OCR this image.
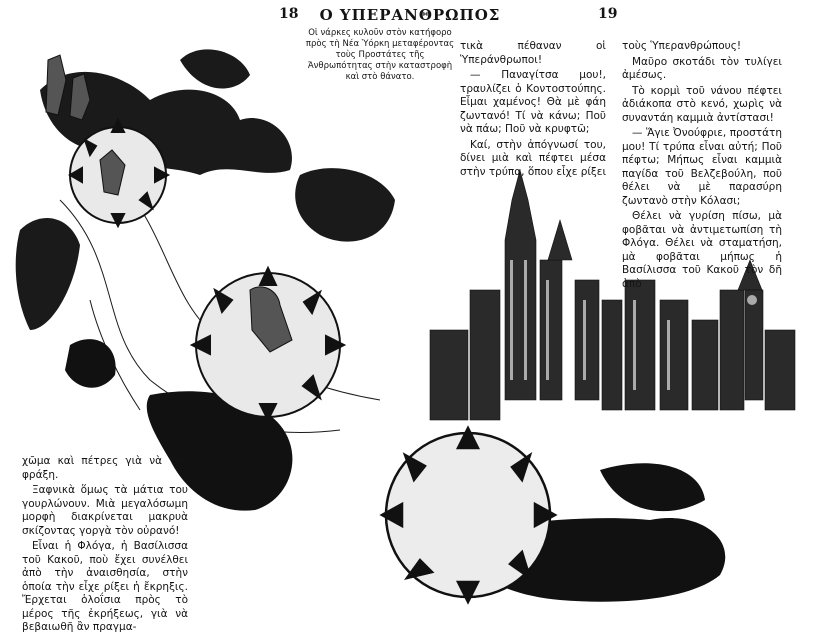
18	Ο ΥΠΕΡΑΝΘΡΩΠΟΣ	19
Οἱ νάρκες κυλοῦν στὸν κατήφορο πρὸς τὴ Νέα Ὑόρκη μεταφέροντας τοὺς Προστάτες τῆς Ἀνθρωπότητας στὴν καταστροφὴ καὶ στὸ θάνατο.

τικὰ πέθαναν οἱ Ὑπεράνθρωποι!

— Παναγίτσα μου!, τραυλίζει ὁ Κοντοστούπης. Εἶμαι χαμένος! Θὰ μὲ φάη ζωντανό! Τί νὰ κάνω; Ποῦ νὰ πάω; Ποῦ νὰ κρυφτῶ;

Καί, στὴν ἀπόγνωσί του, δίνει μιὰ καὶ πέφτει μέσα στὴν τρύπα, ὅπου εἶχε ρίξει

τοὺς Ὑπερανθρώπους!

Μαῦρο σκοτάδι τὸν τυλίγει ἀμέσως.

Τὸ κορμὶ τοῦ νάνου πέφτει ἀδιάκοπα στὸ κενό, χωρὶς νὰ συναντάη καμμιὰ ἀντίστασι!

— Ἅγιε Ὀνούφριε, προστάτη μου! Τί τρύπα εἶναι αὐτή; Ποῦ πέφτω; Μήπως εἶναι καμμιὰ παγίδα τοῦ Βελζεβούλη, ποῦ θέλει νὰ μὲ παρασύρη ζωντανὸ στὴν Κόλασι;

Θέλει νὰ γυρίση πίσω, μὰ φοβᾶται νὰ ἀντιμετωπίση τὴ Φλόγα. Θέλει νὰ σταματήση, μὰ φοβᾶται μήπως ἡ Βασίλισσα τοῦ Κακοῦ τὸν δῆ ἀπὸ

χῶμα καὶ πέτρες γιὰ νὰ τὴν φράξη.

Ξαφνικὰ ὅμως τὰ μάτια του γουρλώνουν. Μιὰ μεγαλόσωμη μορφὴ διακρίνεται μακρυὰ σκίζοντας γοργὰ τὸν οὐρανό!

Εἶναι ἡ Φλόγα, ἡ Βασίλισσα τοῦ Κακοῦ, ποὺ ἔχει συνέλθει ἀπὸ τὴν ἀναισθησία, στὴν ὁποία τὴν εἶχε ρίξει ἡ ἔκρηξις. Ἔρχεται ὁλοΐσια πρὸς τὸ μέρος τῆς ἐκρήξεως, γιὰ νὰ βεβαιωθῆ ἂν πραγμα-
